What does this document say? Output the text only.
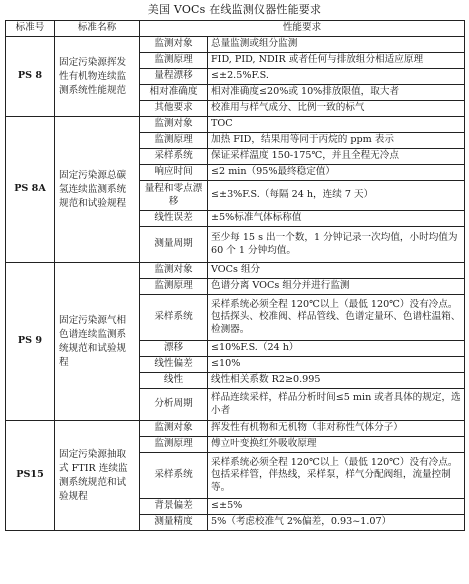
美国 VOCs 在线监测仪器性能要求
标准号	标准名称	性能要求	
PS 8	固定污染源挥发性有机物连续监测系统性能规范	监测对象	总量监测或组分监测
		监测原理	FID, PID, NDIR 或者任何与排放组分相适应原理
		量程漂移	≤±2.5%F.S.
		相对准确度	相对准确度≤20%或 10%排放限值，取大者
		其他要求	校准用与样气成分、比例一致的标气
PS 8A	固定污染源总碳氢连续监测系统规范和试验规程	监测对象	TOC
		监测原理	加热 FID，结果用等同于丙烷的 ppm 表示
		采样系统	保证采样温度 150-175℃，并且全程无冷点
		响应时间	≤2 min（95%最终稳定值）
		量程和零点漂移	≤±3%F.S.（每隔 24 h，连续 7 天）
		线性误差	±5%标准气体标称值
		测量周期	至少每 15 s 出一个数，1 分钟记录一次均值，小时均值为 60 个 1 分钟均值。
PS 9	固定污染源气相色谱连续监测系统规范和试验规程	监测对象	VOCs 组分
		监测原理	色谱分离 VOCs 组分并进行监测
		采样系统	采样系统必须全程 120℃以上（最低 120℃）没有冷点。包括探头、校准阀、样品管线、色谱定量环、色谱柱温箱、检测器。
		漂移	≤10%F.S.（24 h）
		线性偏差	≤10%
		线性	线性相关系数 R2≥0.995
		分析周期	样品连续采样，样品分析时间≤5 min 或者具体的规定，选小者
PS15	固定污染源抽取式 FTIR 连续监测系统规范和试验规程	监测对象	挥发性有机物和无机物（非对称性气体分子）
		监测原理	傅立叶变换红外吸收原理
		采样系统	采样系统必须全程 120℃以上（最低 120℃）没有冷点。包括采样管，伴热线，采样泵，样气分配阀组，流量控制等。
		背景偏差	≤±5%
		测量精度	5%（考虑校准气 2%偏差，0.93~1.07）
